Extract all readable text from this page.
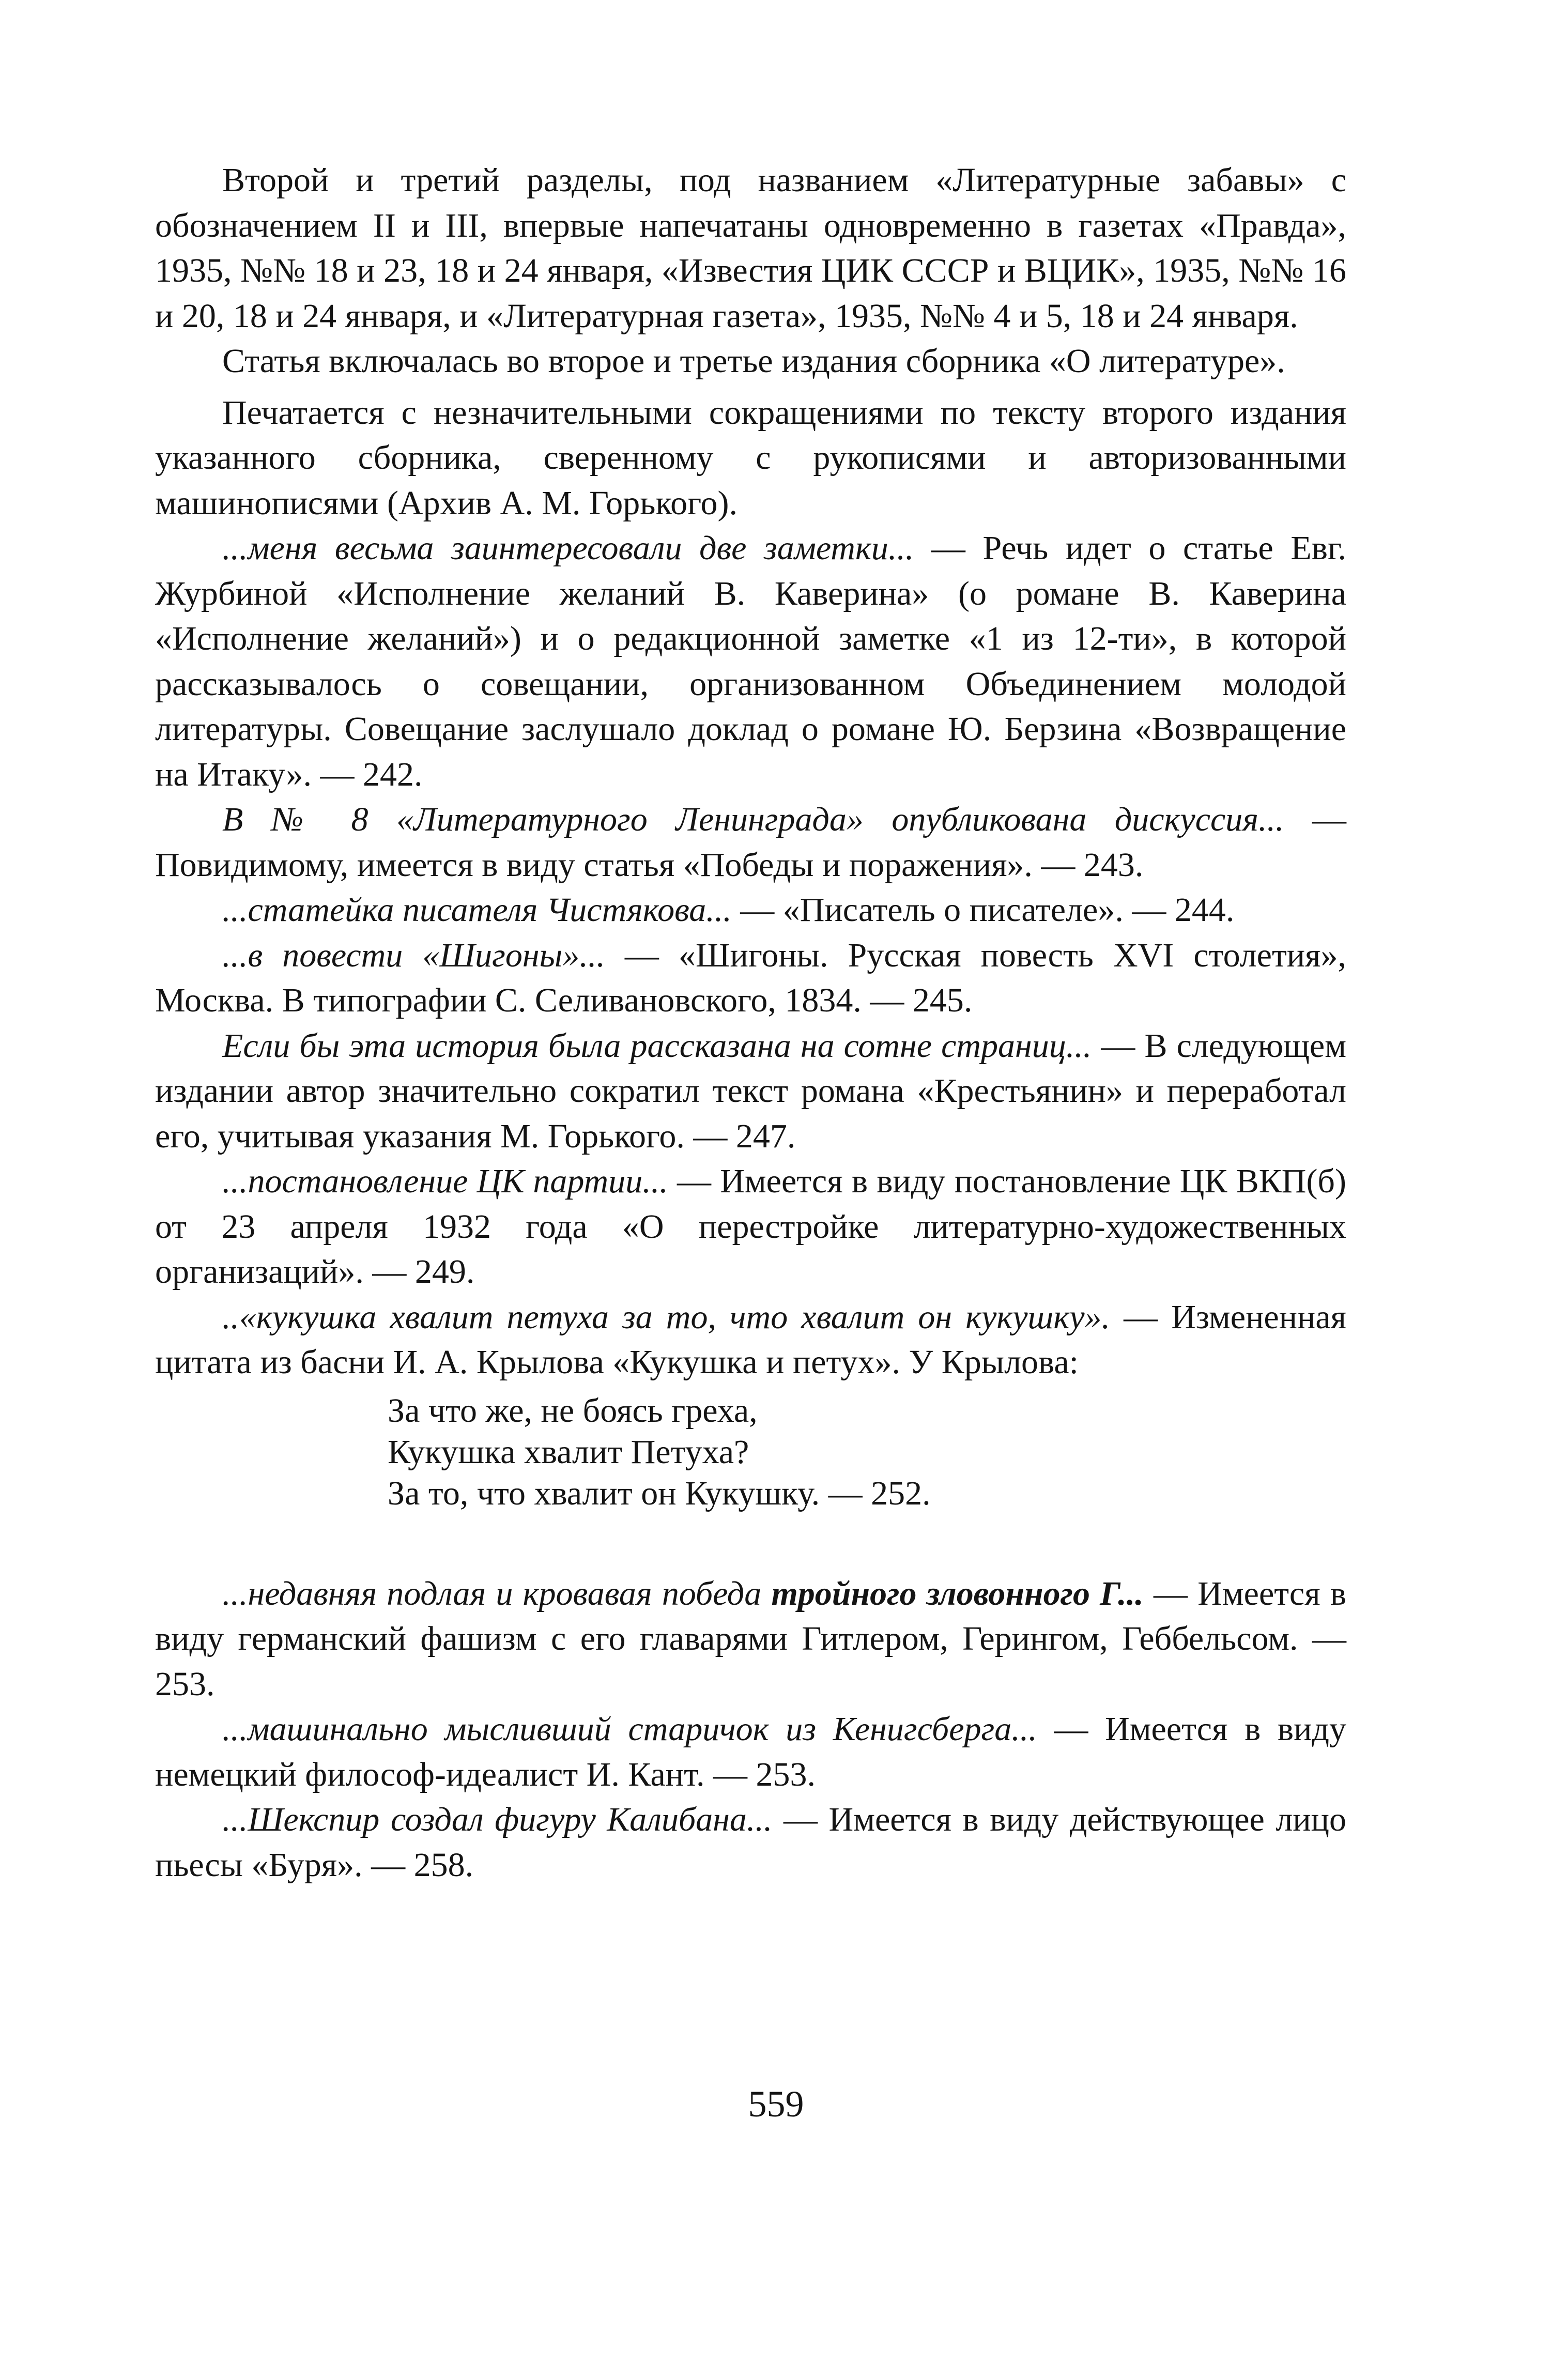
Второй и третий разделы, под названием «Литературные забавы» с обозначением II и III, впервые напечатаны одновременно в газетах «Правда», 1935, №№ 18 и 23, 18 и 24 января, «Известия ЦИК СССР и ВЦИК», 1935, №№ 16 и 20, 18 и 24 января, и «Литературная газета», 1935, №№ 4 и 5, 18 и 24 января.

Статья включалась во второе и третье издания сборника «О литературе».

Печатается с незначительными сокращениями по тексту второго издания указанного сборника, сверенному с рукописями и авторизованными машинописями (Архив А. М. Горького).

...меня весьма заинтересовали две заметки... — Речь идет о статье Евг. Журбиной «Исполнение желаний В. Каверина» (о романе В. Каверина «Исполнение желаний») и о редакционной заметке «1 из 12-ти», в которой рассказывалось о совещании, организованном Объединением молодой литературы. Совещание заслушало доклад о романе Ю. Берзина «Возвращение на Итаку». — 242.

В № 8 «Литературного Ленинграда» опубликована дискуссия... — Повидимому, имеется в виду статья «Победы и поражения». — 243.

...статейка писателя Чистякова... — «Писатель о писателе». — 244.

...в повести «Шигоны»... — «Шигоны. Русская повесть XVI столетия», Москва. В типографии С. Селивановского, 1834. — 245.

Если бы эта история была рассказана на сотне страниц... — В следующем издании автор значительно сократил текст романа «Крестьянин» и переработал его, учитывая указания М. Горького. — 247.

...постановление ЦК партии... — Имеется в виду постановление ЦК ВКП(б) от 23 апреля 1932 года «О перестройке литературно-художественных организаций». — 249.

..«кукушка хвалит петуха за то, что хвалит он кукушку». — Измененная цитата из басни И. А. Крылова «Кукушка и петух». У Крылова:

За что же, не боясь греха,
Кукушка хвалит Петуха?
За то, что хвалит он Кукушку. — 252.

...недавняя подлая и кровавая победа тройного зловонного Г... — Имеется в виду германский фашизм с его главарями Гитлером, Герингом, Геббельсом. — 253.

...машинально мысливший старичок из Кенигсберга... — Имеется в виду немецкий философ-идеалист И. Кант. — 253.

...Шекспир создал фигуру Калибана... — Имеется в виду действующее лицо пьесы «Буря». — 258.

559
